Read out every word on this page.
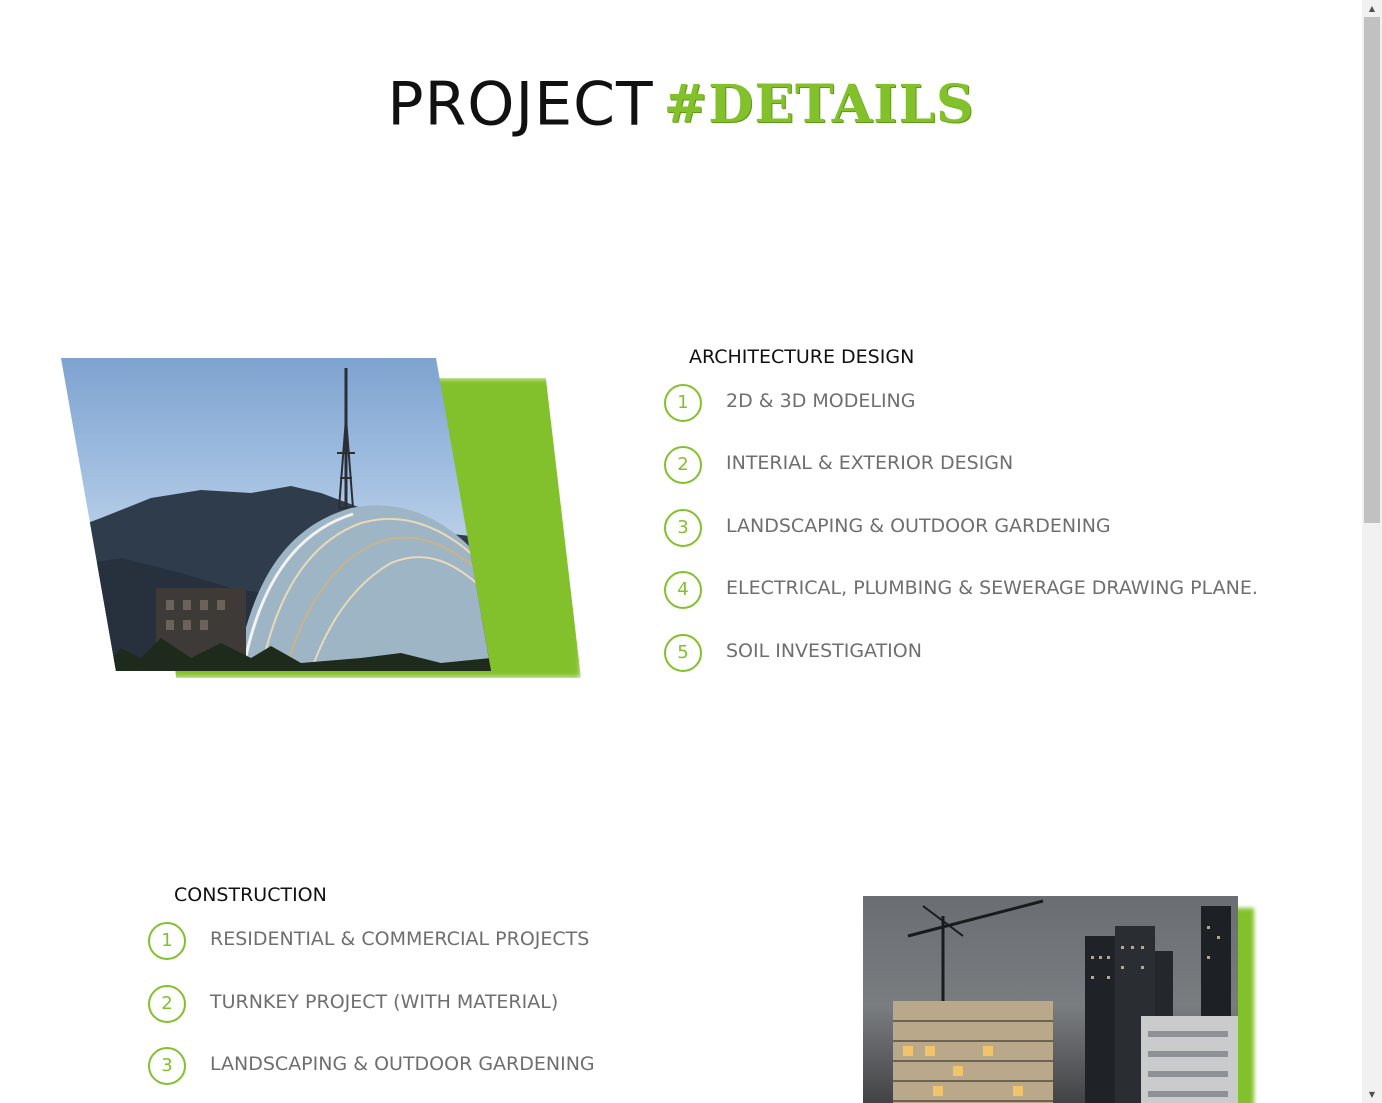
PROJECT #DETAILS
ARCHITECTURE DESIGN
1	2D & 3D MODELING
2	INTERIAL & EXTERIOR DESIGN
3	LANDSCAPING & OUTDOOR GARDENING
4	ELECTRICAL, PLUMBING & SEWERAGE DRAWING PLANE.
5	SOIL INVESTIGATION
CONSTRUCTION
1	RESIDENTIAL & COMMERCIAL PROJECTS
2	TURNKEY PROJECT (WITH MATERIAL)
3	LANDSCAPING & OUTDOOR GARDENING
▲
▼
